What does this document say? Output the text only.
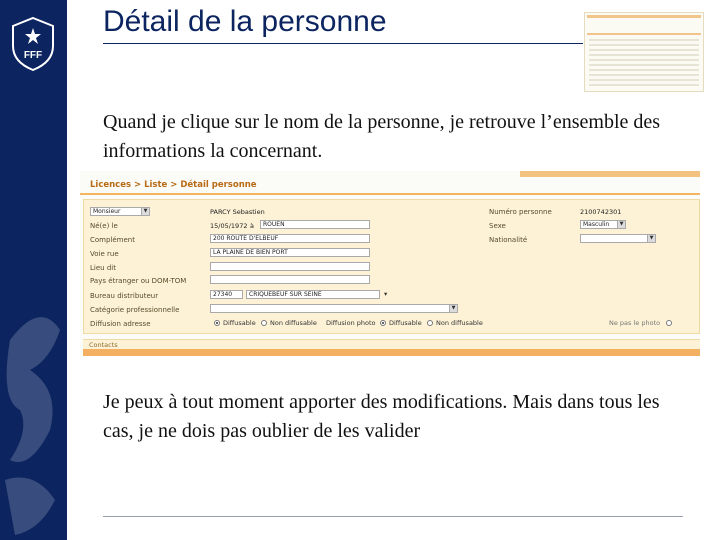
FFF
Détail de la personne
Quand je clique sur le nom de la personne, je retrouve l’ensemble des informations la concernant.
Licences > Liste > Détail personne
Monsieur	▼	PARCY Sebastien	Numéro personne	2100742301
Né(e) le	15/05/1972 à	ROUEN	Sexe	Masculin	▼
Complément	200 ROUTE D'ELBEUF	Nationalité	▼
Voie rue	LA PLAINE DE BIEN PORT
Lieu dit
Pays étranger ou DOM-TOM
Bureau distributeur	27340	CRIQUEBEUF SUR SEINE	▾
Catégorie professionnelle	▼
Diffusion adresse	Diffusable Non diffusable Diffusion photo Diffusable Non diffusable	Ne pas le photo
Contacts
Je peux à tout moment apporter des modifications. Mais dans tous les cas, je ne dois pas oublier de les valider
